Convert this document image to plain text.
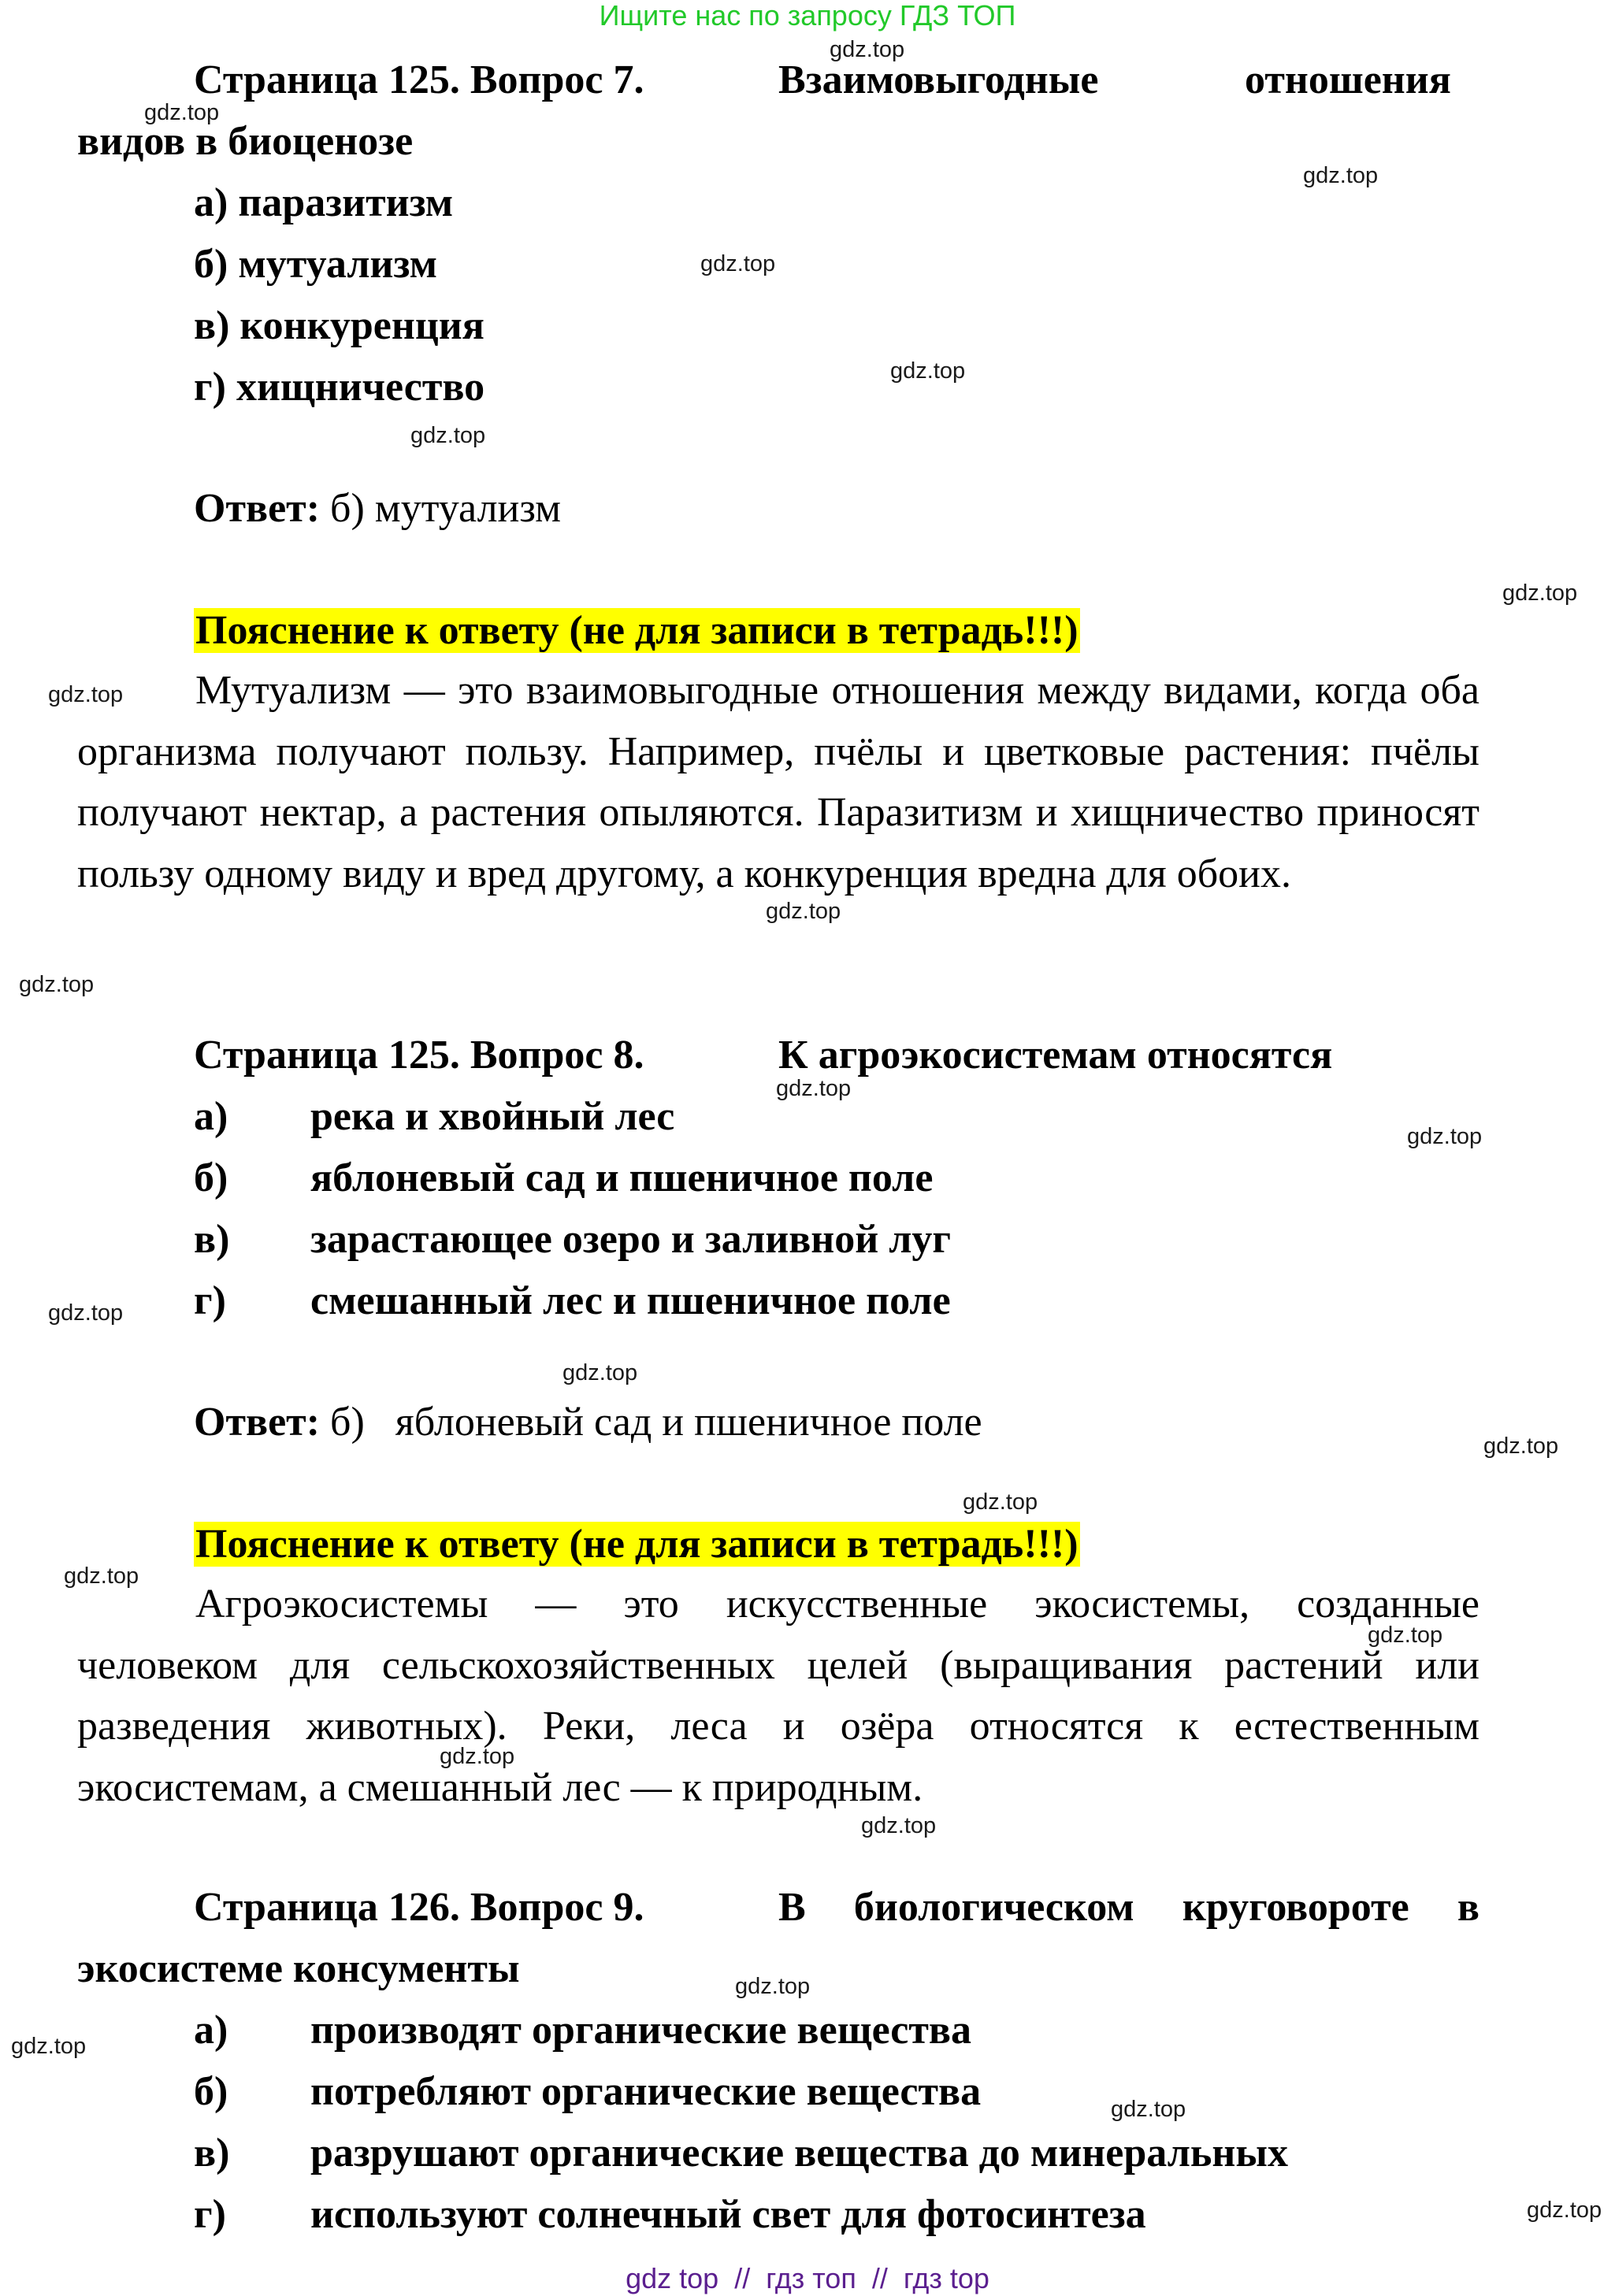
Ищите нас по запросу ГДЗ ТОП
Страница 125. Вопрос 7.	Взаимовыгодные	отношения
видов в биоценозе
а) паразитизм
б) мутуализм
в) конкуренция
г) хищничество
Ответ: б) мутуализм
Пояснение к ответу (не для записи в тетрадь!!!)

Мутуализм — это взаимовыгодные отношения между видами, когда оба организма получают пользу. Например, пчёлы и цветковые растения: пчёлы получают нектар, а растения опыляются. Паразитизм и хищничество приносят пользу одному виду и вред другому, а конкуренция вредна для обоих.

Страница 125. Вопрос 8.	К агроэкосистемам относятся
а) река и хвойный лес
б) яблоневый сад и пшеничное поле
в) зарастающее озеро и заливной луг
г) смешанный лес и пшеничное поле
Ответ: б)   яблоневый сад и пшеничное поле
Пояснение к ответу (не для записи в тетрадь!!!)

Агроэкосистемы — это искусственные экосистемы, созданные человеком для сельскохозяйственных целей (выращивания растений или разведения животных). Реки, леса и озёра относятся к естественным экосистемам, а смешанный лес — к природным.

Страница 126. Вопрос 9.	В биологическом круговороте в
экосистеме консументы
а) производят органические вещества
б) потребляют органические вещества
в) разрушают органические вещества до минеральных
г) используют солнечный свет для фотосинтеза
gdz top  //  гдз топ  //  гдз top
gdz.top
gdz.top
gdz.top
gdz.top
gdz.top
gdz.top
gdz.top
gdz.top
gdz.top
gdz.top
gdz.top
gdz.top
gdz.top
gdz.top
gdz.top
gdz.top
gdz.top
gdz.top
gdz.top
gdz.top
gdz.top
gdz.top
gdz.top
gdz.top
